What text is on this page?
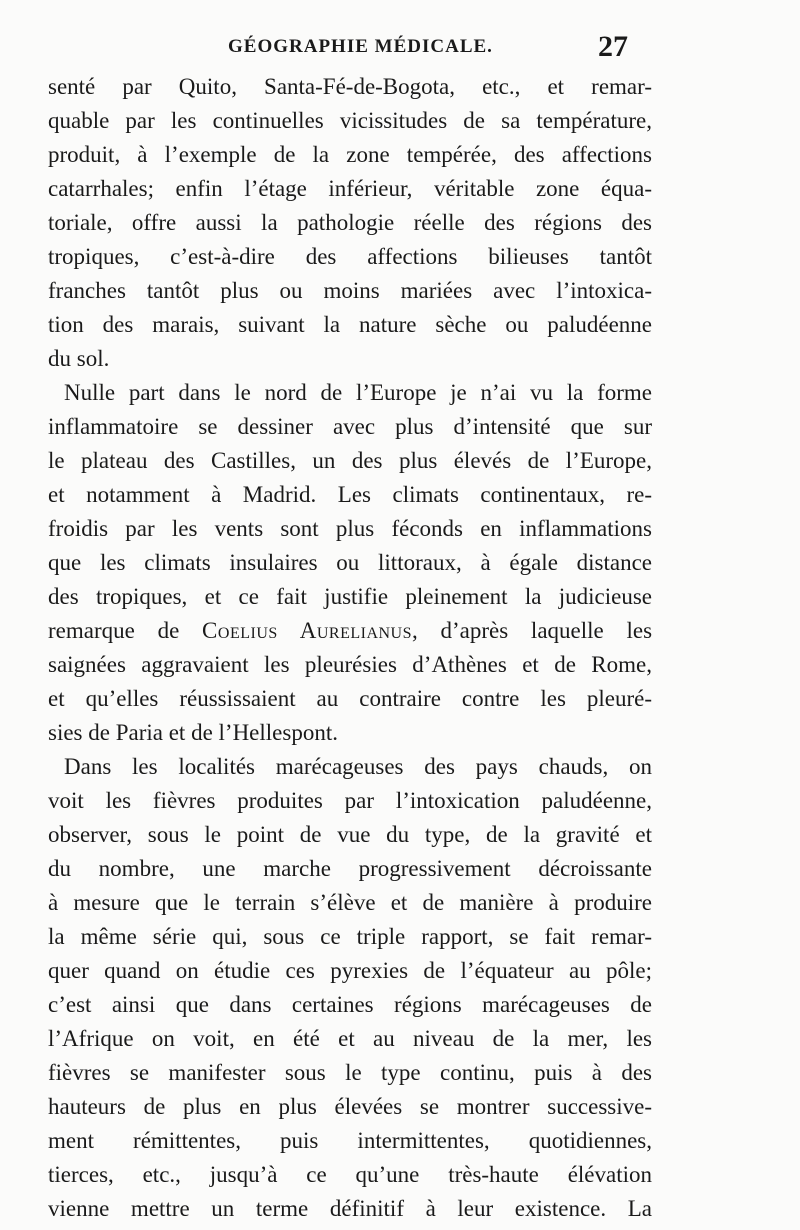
GÉOGRAPHIE MÉDICALE.	27
senté par Quito, Santa-Fé-de-Bogota, etc., et remar-
quable par les continuelles vicissitudes de sa température,
produit, à l’exemple de la zone tempérée, des affections
catarrhales; enfin l’étage inférieur, véritable zone équa-
toriale, offre aussi la pathologie réelle des régions des
tropiques, c’est-à-dire des affections bilieuses tantôt
franches tantôt plus ou moins mariées avec l’intoxica-
tion des marais, suivant la nature sèche ou paludéenne
du sol.
Nulle part dans le nord de l’Europe je n’ai vu la forme
inflammatoire se dessiner avec plus d’intensité que sur
le plateau des Castilles, un des plus élevés de l’Europe,
et notamment à Madrid. Les climats continentaux, re-
froidis par les vents sont plus féconds en inflammations
que les climats insulaires ou littoraux, à égale distance
des tropiques, et ce fait justifie pleinement la judicieuse
remarque de Coelius Aurelianus, d’après laquelle les
saignées aggravaient les pleurésies d’Athènes et de Rome,
et qu’elles réussissaient au contraire contre les pleuré-
sies de Paria et de l’Hellespont.
Dans les localités marécageuses des pays chauds, on
voit les fièvres produites par l’intoxication paludéenne,
observer, sous le point de vue du type, de la gravité et
du nombre, une marche progressivement décroissante
à mesure que le terrain s’élève et de manière à produire
la même série qui, sous ce triple rapport, se fait remar-
quer quand on étudie ces pyrexies de l’équateur au pôle;
c’est ainsi que dans certaines régions marécageuses de
l’Afrique on voit, en été et au niveau de la mer, les
fièvres se manifester sous le type continu, puis à des
hauteurs de plus en plus élevées se montrer successive-
ment rémittentes, puis intermittentes, quotidiennes,
tierces, etc., jusqu’à ce qu’une très-haute élévation
vienne mettre un terme définitif à leur existence. La
